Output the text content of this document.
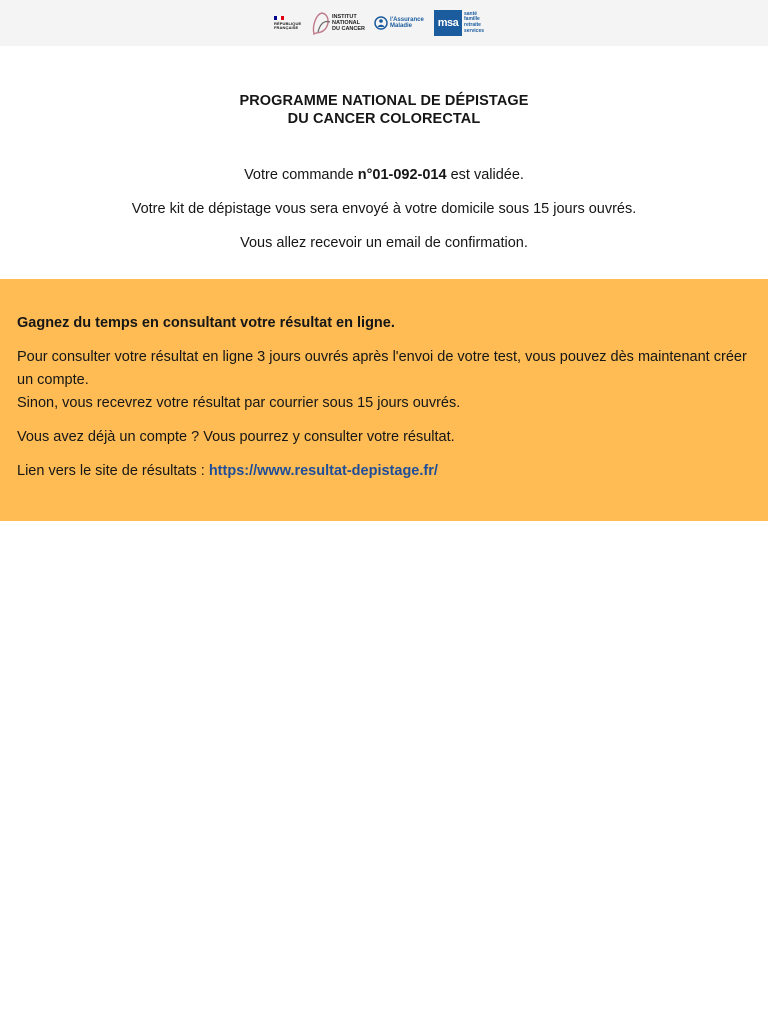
RÉPUBLIQUE
FRANÇAISE
INSTITUT
NATIONAL
DU CANCER
l'Assurance
Maladie	msa
santé
famille
retraite
services
PROGRAMME NATIONAL DE DÉPISTAGE
DU CANCER COLORECTAL

Votre commande n°01-092-014 est validée.

Votre kit de dépistage vous sera envoyé à votre domicile sous 15 jours ouvrés.

Vous allez recevoir un email de confirmation.

Gagnez du temps en consultant votre résultat en ligne.

Pour consulter votre résultat en ligne 3 jours ouvrés après l'envoi de votre test, vous pouvez dès maintenant créer un compte.

Sinon, vous recevrez votre résultat par courrier sous 15 jours ouvrés.

Vous avez déjà un compte ? Vous pourrez y consulter votre résultat.

Lien vers le site de résultats : https://www.resultat-depistage.fr/
